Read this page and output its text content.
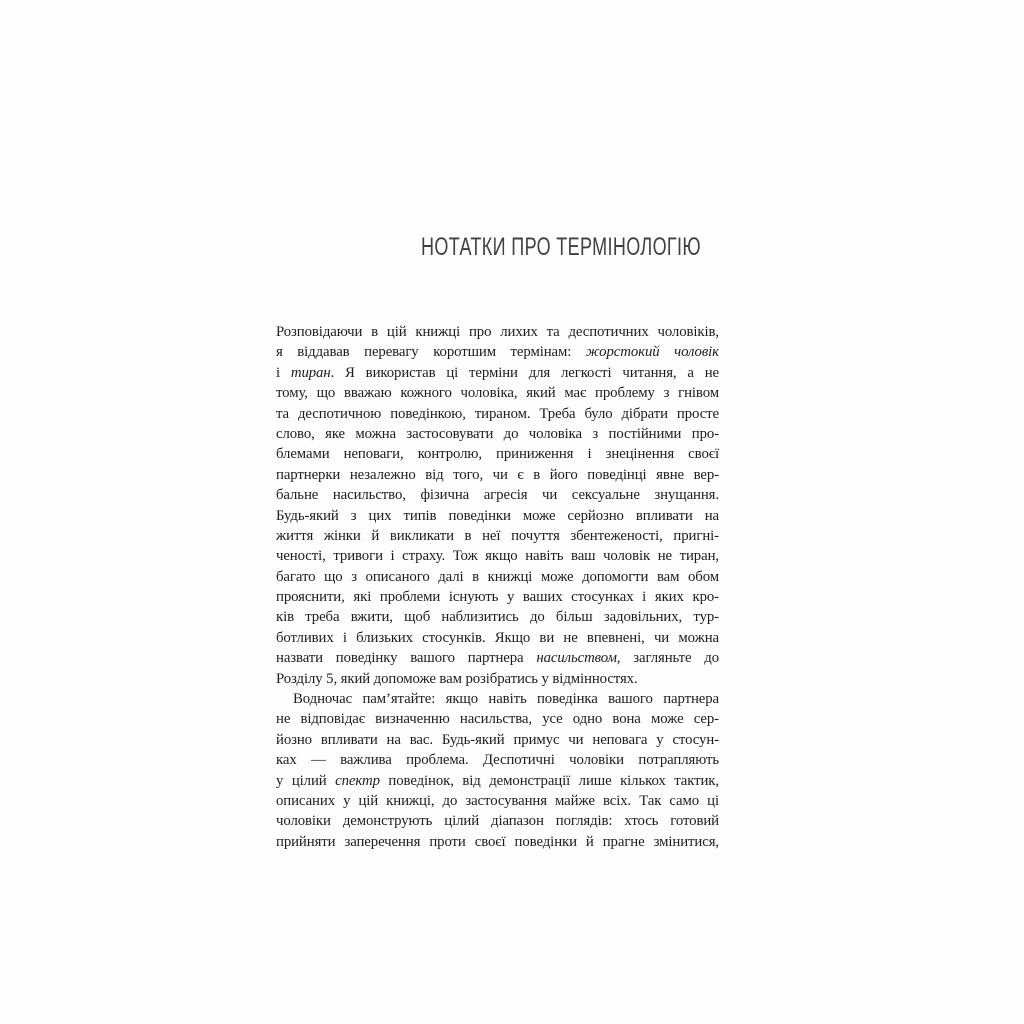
НОТАТКИ ПРО ТЕРМІНОЛОГІЮ
Розповідаючи в цій книжці про лихих та деспотичних чоловіків,
я віддавав перевагу коротшим термінам: жорстокий чоловік
і тиран. Я використав ці терміни для легкості читання, а не
тому, що вважаю кожного чоловіка, який має проблему з гнівом
та деспотичною поведінкою, тираном. Треба було дібрати просте
слово, яке можна застосовувати до чоловіка з постійними про-
блемами неповаги, контролю, приниження і знецінення своєї
партнерки незалежно від того, чи є в його поведінці явне вер-
бальне насильство, фізична агресія чи сексуальне знущання.
Будь-який з цих типів поведінки може серйозно впливати на
життя жінки й викликати в неї почуття збентеженості, пригні-
ченості, тривоги і страху. Тож якщо навіть ваш чоловік не тиран,
багато що з описаного далі в книжці може допомогти вам обом
прояснити, які проблеми існують у ваших стосунках і яких кро-
ків треба вжити, щоб наблизитись до більш задовільних, тур-
ботливих і близьких стосунків. Якщо ви не впевнені, чи можна
назвати поведінку вашого партнера насильством, загляньте до
Розділу 5, який допоможе вам розібратись у відмінностях.
Водночас пам’ятайте: якщо навіть поведінка вашого партнера
не відповідає визначенню насильства, усе одно вона може сер-
йозно впливати на вас. Будь-який примус чи неповага у стосун-
ках — важлива проблема. Деспотичні чоловіки потрапляють
у цілий спектр поведінок, від демонстрації лише кількох тактик,
описаних у цій книжці, до застосування майже всіх. Так само ці
чоловіки демонструють цілий діапазон поглядів: хтось готовий
прийняти заперечення проти своєї поведінки й прагне змінитися,
